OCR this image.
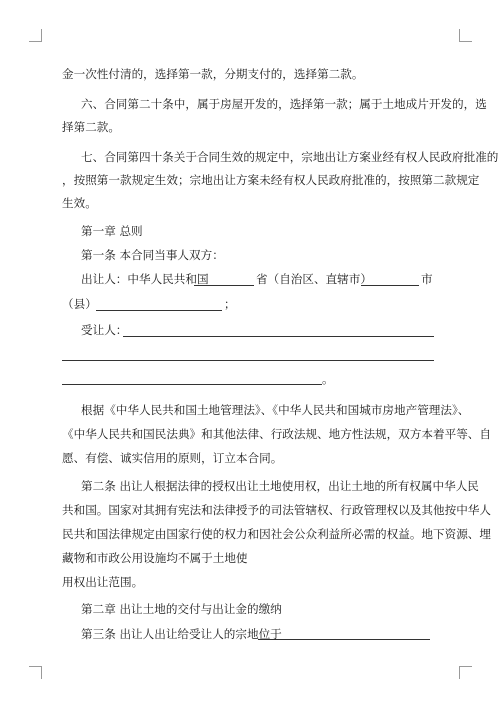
金一次性付清的，选择第一款，分期支付的，选择第二款。
六、合同第二十条中，属于房屋开发的，选择第一款；属于土地成片开发的，选
择第二款。
七、合同第四十条关于合同生效的规定中，宗地出让方案业经有权人民政府批准的
，按照第一款规定生效；宗地出让方案未经有权人民政府批准的，按照第二款规定
生效。
第一章 总则
第一条 本合同当事人双方：
出让人：中华人民共和国	省（自治区、直辖市）	市
（县）	；
受让人：
。
根据《中华人民共和国土地管理法》、《中华人民共和国城市房地产管理法》、
《中华人民共和国民法典》和其他法律、行政法规、地方性法规，双方本着平等、自
愿、有偿、诚实信用的原则，订立本合同。
第二条 出让人根据法律的授权出让土地使用权，出让土地的所有权属中华人民
共和国。国家对其拥有宪法和法律授予的司法管辖权、行政管理权以及其他按中华人
民共和国法律规定由国家行使的权力和因社会公众利益所必需的权益。地下资源、埋
藏物和市政公用设施均不属于土地使
用权出让范围。
第二章 出让土地的交付与出让金的缴纳
第三条 出让人出让给受让人的宗地位于
